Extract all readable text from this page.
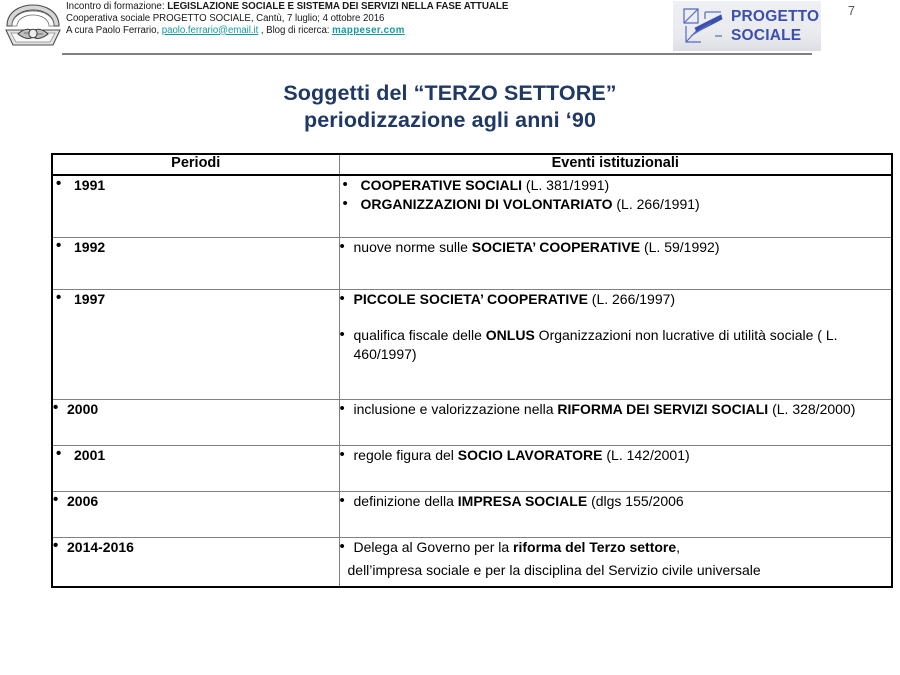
Incontro di formazione: LEGISLAZIONE SOCIALE E SISTEMA DEI SERVIZI NELLA FASE ATTUALE
Cooperativa sociale PROGETTO SOCIALE, Cantù, 7 luglio; 4 ottobre 2016
A cura Paolo Ferrario, paolo.ferrario@email.it , Blog di ricerca: mappeser.com
PROGETTO
SOCIALE
7
Soggetti del “TERZO SETTORE”
periodizzazione agli anni ‘90
Periodi	Eventi istituzionali

• 1991	• COOPERATIVE SOCIALI (L. 381/1991)
• ORGANIZZAZIONI DI VOLONTARIATO (L. 266/1991)

• 1992	• nuove norme sulle SOCIETA’ COOPERATIVE (L. 59/1992)

• 1997	• PICCOLE SOCIETA’ COOPERATIVE (L. 266/1997)
• qualifica fiscale delle ONLUS Organizzazioni non lucrative di utilità sociale ( L. 460/1997)

• 2000	• inclusione e valorizzazione nella RIFORMA DEI SERVIZI SOCIALI (L. 328/2000)

• 2001	• regole figura del SOCIO LAVORATORE (L. 142/2001)

• 2006	• definizione della IMPRESA SOCIALE (dlgs 155/2006

• 2014-2016	• Delega al Governo per la riforma del Terzo settore,
dell’impresa sociale e per la disciplina del Servizio civile universale
